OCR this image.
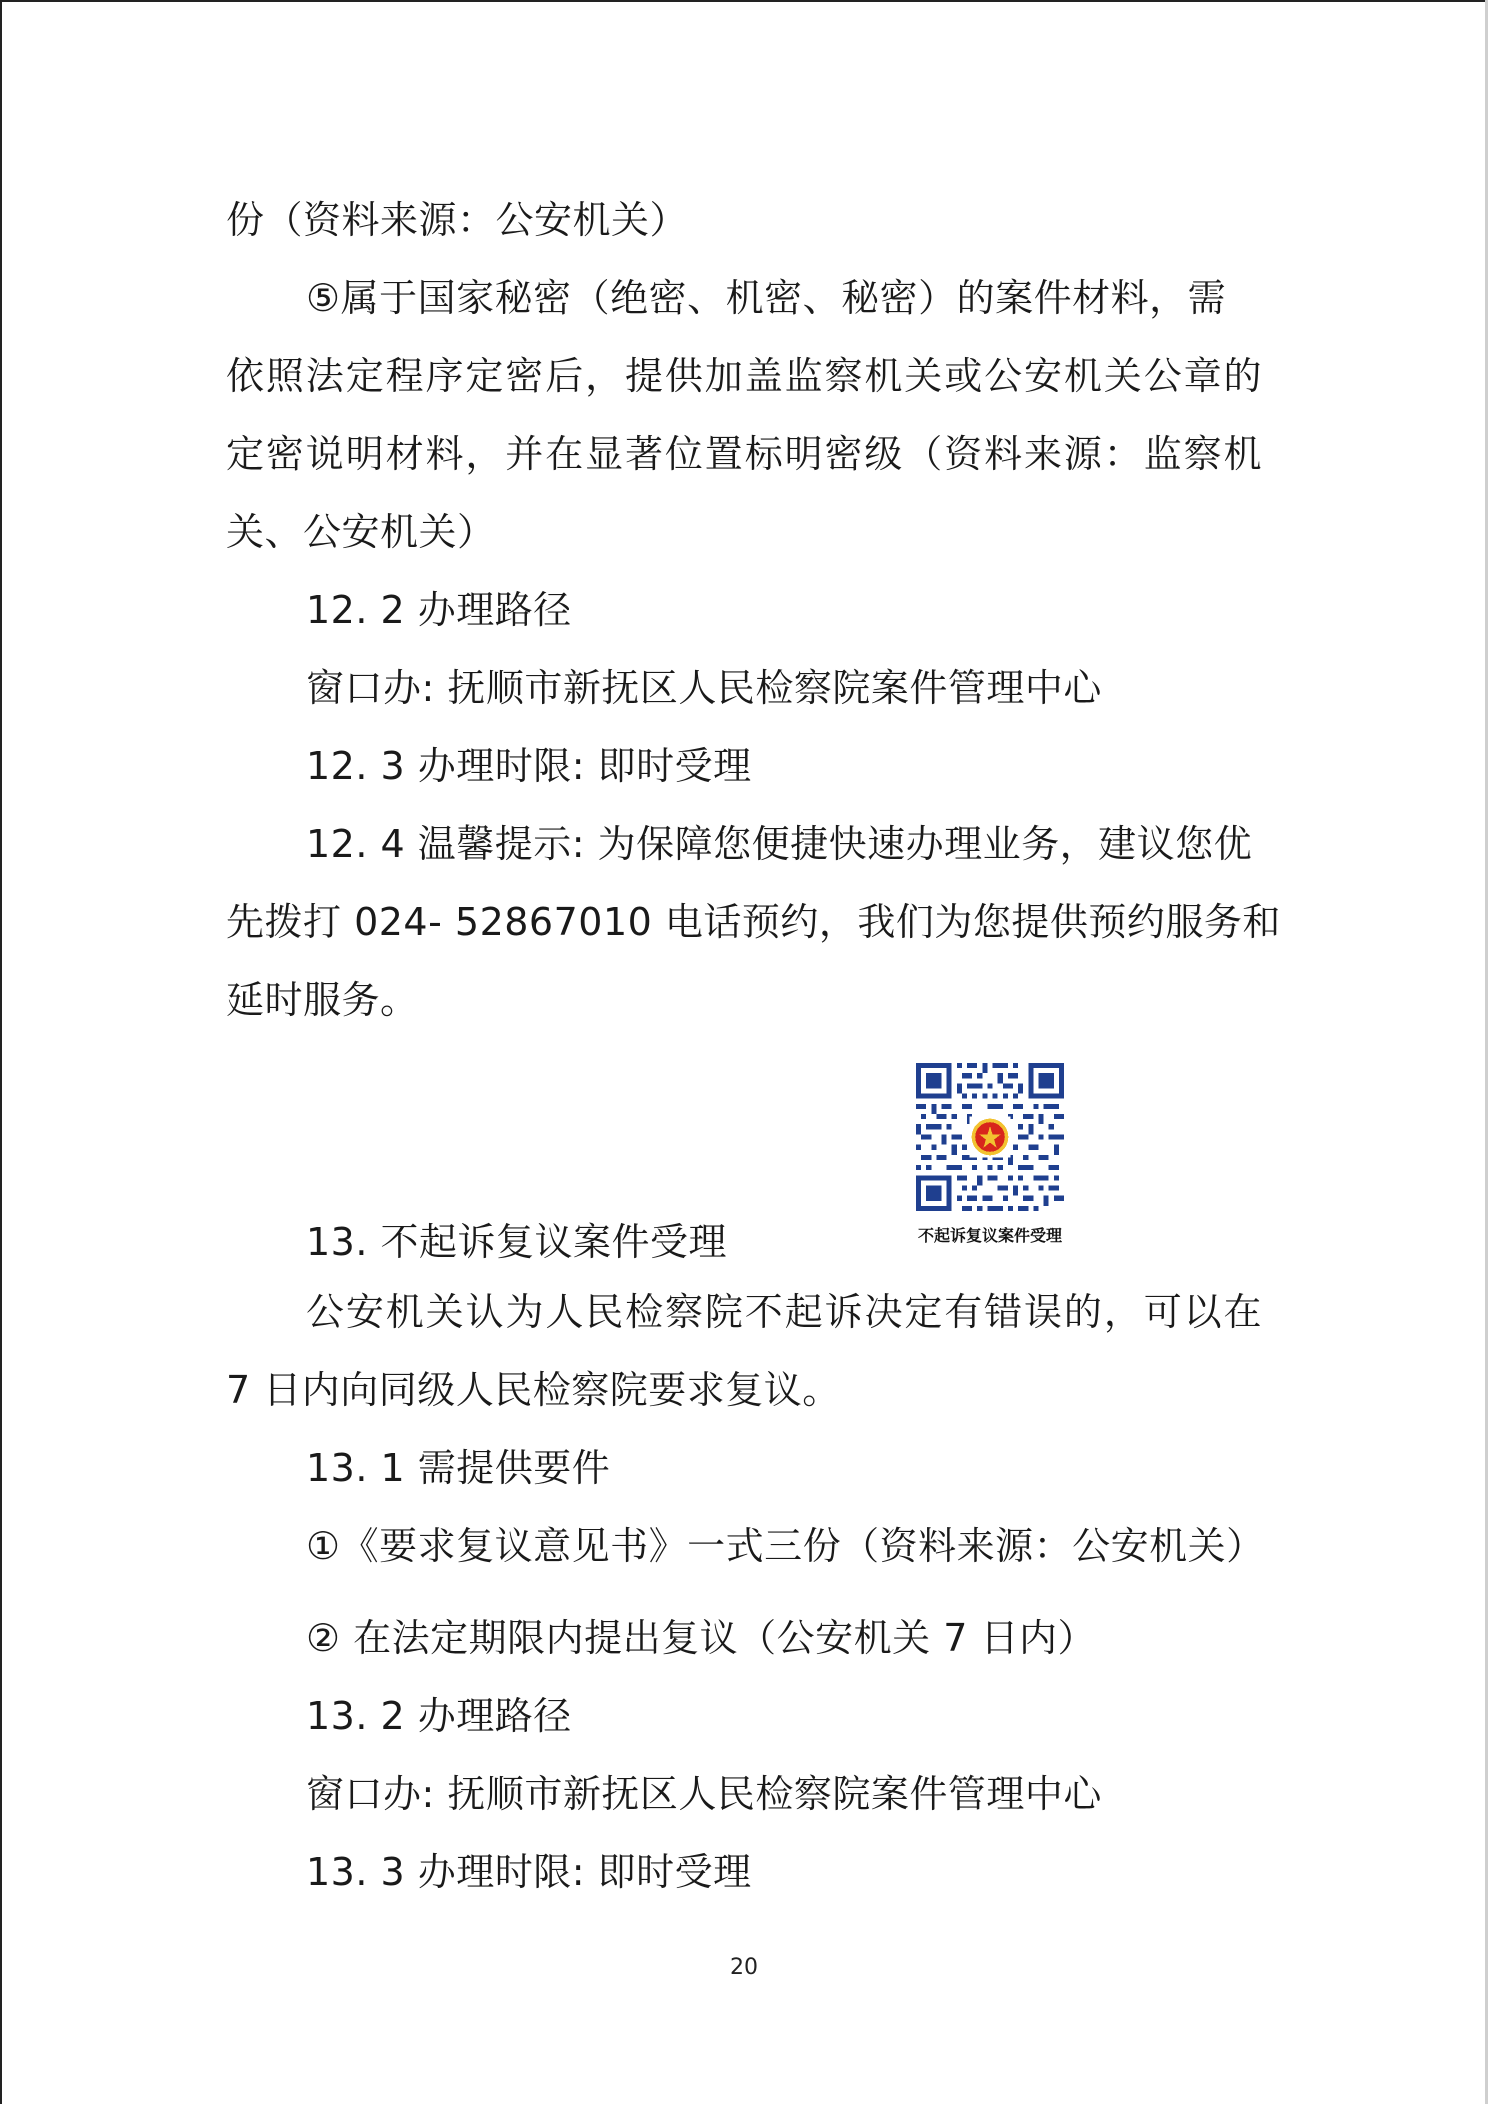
份（资料来源：公安机关）
⑤属于国家秘密（绝密、机密、秘密）的案件材料，需
依照法定程序定密后，提供加盖监察机关或公安机关公章的
定密说明材料，并在显著位置标明密级（资料来源：监察机
关、公安机关）
12. 2 办理路径
窗口办: 抚顺市新抚区人民检察院案件管理中心
12. 3 办理时限: 即时受理
12. 4 温馨提示: 为保障您便捷快速办理业务，建议您优
先拨打 024- 52867010 电话预约，我们为您提供预约服务和
延时服务。
不起诉复议案件受理
13. 不起诉复议案件受理
公安机关认为人民检察院不起诉决定有错误的，可以在
7 日内向同级人民检察院要求复议。
13. 1 需提供要件
①《要求复议意见书》一式三份（资料来源：公安机关）
② 在法定期限内提出复议（公安机关 7 日内）
13. 2 办理路径
窗口办: 抚顺市新抚区人民检察院案件管理中心
13. 3 办理时限: 即时受理
20
